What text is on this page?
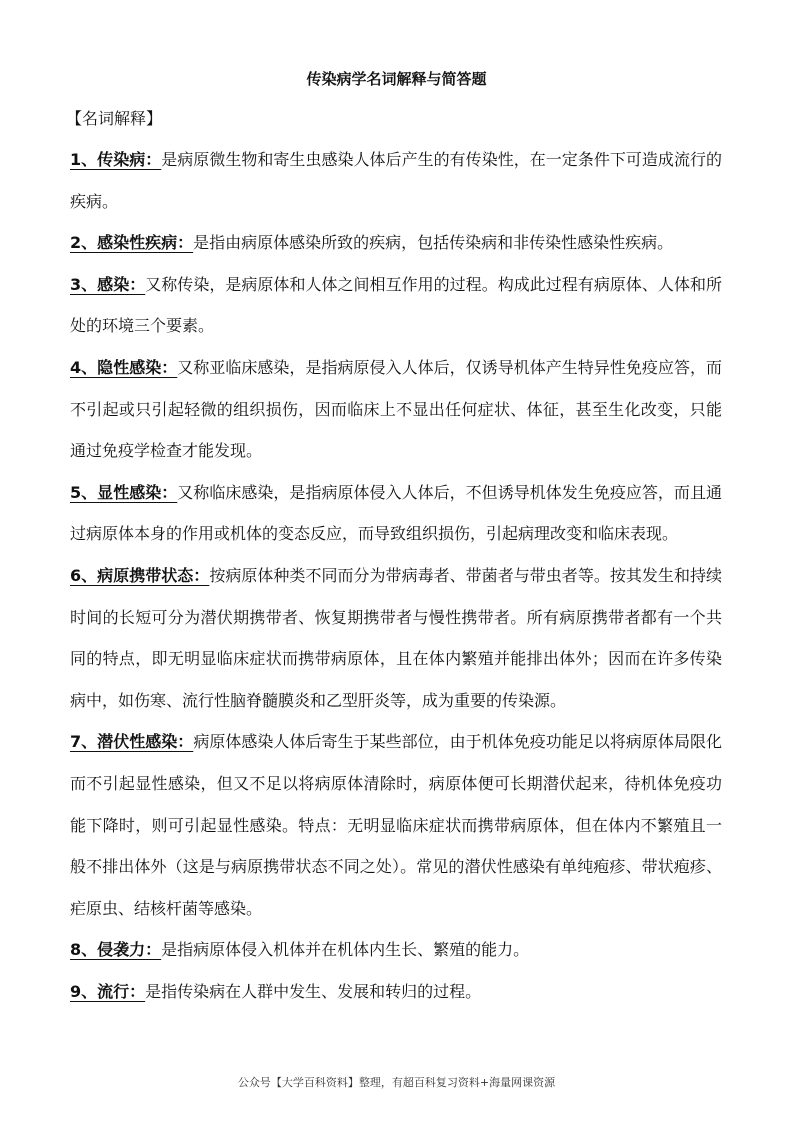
传染病学名词解释与简答题
【名词解释】

1、传染病：是病原微生物和寄生虫感染人体后产生的有传染性，在一定条件下可造成流行的疾病。

2、感染性疾病：是指由病原体感染所致的疾病，包括传染病和非传染性感染性疾病。

3、感染：又称传染，是病原体和人体之间相互作用的过程。构成此过程有病原体、人体和所处的环境三个要素。

4、隐性感染：又称亚临床感染，是指病原侵入人体后，仅诱导机体产生特异性免疫应答，而不引起或只引起轻微的组织损伤，因而临床上不显出任何症状、体征，甚至生化改变，只能通过免疫学检查才能发现。

5、显性感染：又称临床感染，是指病原体侵入人体后，不但诱导机体发生免疫应答，而且通过病原体本身的作用或机体的变态反应，而导致组织损伤，引起病理改变和临床表现。

6、病原携带状态：按病原体种类不同而分为带病毒者、带菌者与带虫者等。按其发生和持续时间的长短可分为潜伏期携带者、恢复期携带者与慢性携带者。所有病原携带者都有一个共同的特点，即无明显临床症状而携带病原体，且在体内繁殖并能排出体外；因而在许多传染病中，如伤寒、流行性脑脊髓膜炎和乙型肝炎等，成为重要的传染源。

7、潜伏性感染：病原体感染人体后寄生于某些部位，由于机体免疫功能足以将病原体局限化而不引起显性感染，但又不足以将病原体清除时，病原体便可长期潜伏起来，待机体免疫功能下降时，则可引起显性感染。特点：无明显临床症状而携带病原体，但在体内不繁殖且一般不排出体外（这是与病原携带状态不同之处）。常见的潜伏性感染有单纯疱疹、带状疱疹、疟原虫、结核杆菌等感染。

8、侵袭力：是指病原体侵入机体并在机体内生长、繁殖的能力。

9、流行：是指传染病在人群中发生、发展和转归的过程。

公众号【大学百科资料】整理，有超百科复习资料+海量网课资源
